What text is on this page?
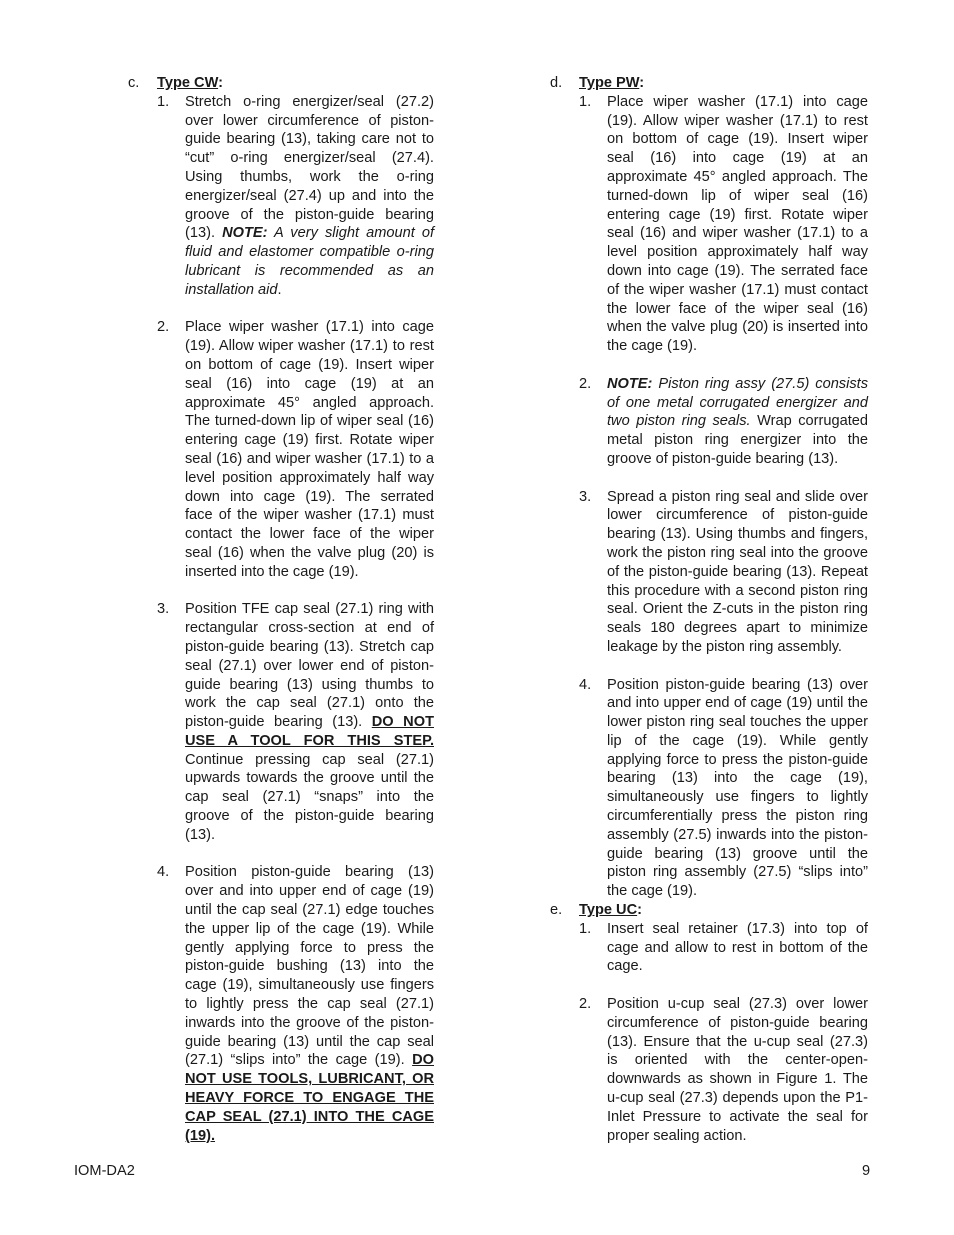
c.	Type CW:
1.	Stretch o-ring energizer/seal (27.2) over lower circumference of piston-guide bearing (13), taking care not to “cut” o-ring energizer/seal (27.4). Using thumbs, work the o-ring energizer/seal (27.4) up and into the groove of the piston-guide bearing (13). NOTE: A very slight amount of fluid and elastomer compatible o-ring lubricant is recommended as an installation aid.
2.	Place wiper washer (17.1) into cage (19). Allow wiper washer (17.1) to rest on bottom of cage (19). Insert wiper seal (16) into cage (19) at an approximate 45° angled approach. The turned-down lip of wiper seal (16) entering cage (19) first. Rotate wiper seal (16) and wiper washer (17.1) to a level position approximately half way down into cage (19). The serrated face of the wiper washer (17.1) must contact the lower face of the wiper seal (16) when the valve plug (20) is inserted into the cage (19).
3.	Position TFE cap seal (27.1) ring with rectangular cross-section at end of piston-guide bearing (13). Stretch cap seal (27.1) over lower end of piston-guide bearing (13) using thumbs to work the cap seal (27.1) onto the piston-guide bearing (13). DO NOT USE A TOOL FOR THIS STEP. Continue pressing cap seal (27.1) upwards towards the groove until the cap seal (27.1) “snaps” into the groove of the piston-guide bearing (13).
4.	Position piston-guide bearing (13) over and into upper end of cage (19) until the cap seal (27.1) edge touches the upper lip of the cage (19). While gently applying force to press the piston-guide bushing (13) into the cage (19), simultaneously use fingers to lightly press the cap seal (27.1) inwards into the groove of the piston-guide bearing (13) until the cap seal (27.1) “slips into” the cage (19). DO NOT USE TOOLS, LUBRICANT, OR HEAVY FORCE TO ENGAGE THE CAP SEAL (27.1) INTO THE CAGE (19).
d.	Type PW:
1.	Place wiper washer (17.1) into cage (19). Allow wiper washer (17.1) to rest on bottom of cage (19). Insert wiper seal (16) into cage (19) at an approximate 45° angled approach. The turned-down lip of wiper seal (16) entering cage (19) first. Rotate wiper seal (16) and wiper washer (17.1) to a level position approximately half way down into cage (19). The serrated face of the wiper washer (17.1) must contact the lower face of the wiper seal (16) when the valve plug (20) is inserted into the cage (19).
2.	NOTE: Piston ring assy (27.5) consists of one metal corrugated energizer and two piston ring seals. Wrap corrugated metal piston ring energizer into the groove of piston-guide bearing (13).
3.	Spread a piston ring seal and slide over lower circumference of piston-guide bearing (13). Using thumbs and fingers, work the piston ring seal into the groove of the piston-guide bearing (13). Repeat this procedure with a second piston ring seal. Orient the Z-cuts in the piston ring seals 180 degrees apart to minimize leakage by the piston ring assembly.
4.	Position piston-guide bearing (13) over and into upper end of cage (19) until the lower piston ring seal touches the upper lip of the cage (19). While gently applying force to press the piston-guide bearing (13) into the cage (19), simultaneously use fingers to lightly circumferentially press the piston ring assembly (27.5) inwards into the piston-guide bearing (13) groove until the piston ring assembly (27.5) “slips into” the cage (19).
e.	Type UC:
1.	Insert seal retainer (17.3) into top of cage and allow to rest in bottom of the cage.
2.	Position u-cup seal (27.3) over lower circumference of piston-guide bearing (13). Ensure that the u-cup seal (27.3) is oriented with the center-open-downwards as shown in Figure 1. The u-cup seal (27.3) depends upon the P1-Inlet Pressure to activate the seal for proper sealing action.
IOM-DA2	9
